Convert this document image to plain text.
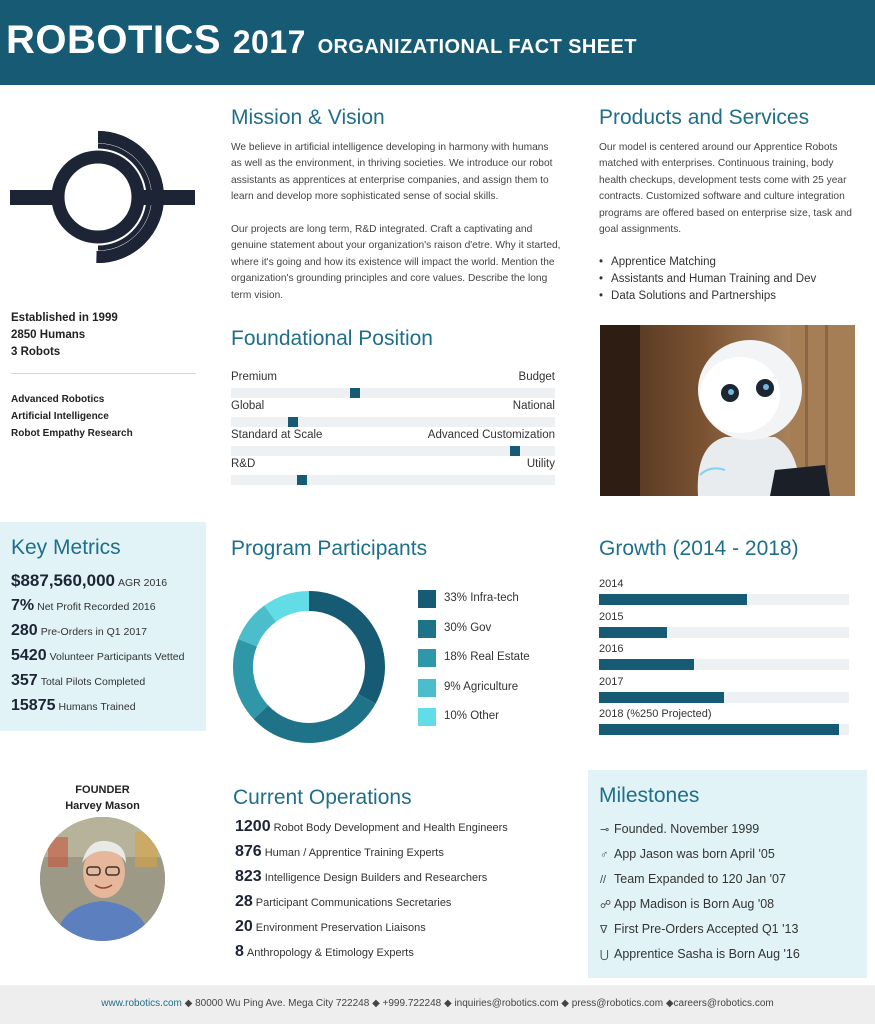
ROBOTICS 2017 ORGANIZATIONAL FACT SHEET
Established in 1999
2850 Humans
3 Robots
Advanced Robotics
Artificial Intelligence
Robot Empathy Research
Mission & Vision
We believe in artificial intelligence developing in harmony with humans as well as the environment, in thriving societies. We introduce our robot assistants as apprentices at enterprise companies, and assign them to learn and develop more sophisticated sense of social skills.
Our projects are long term, R&D integrated. Craft a captivating and genuine statement about your organization's raison d'etre. Why it started, where it's going and how its existence will impact the world. Mention the organization's grounding principles and core values. Describe the long term vision.
Products and Services
Our model is centered around our Apprentice Robots matched with enterprises. Continuous training, body health checkups, development tests come with 25 year contracts. Customized software and culture integration programs are offered based on enterprise size, task and goal assignments.
• Apprentice Matching
• Assistants and Human Training and Dev
• Data Solutions and Partnerships
Foundational Position
Premium	Budget
Global	National
Standard at Scale	Advanced Customization
R&D	Utility
Key Metrics
$887,560,000 AGR 2016
7% Net Profit Recorded 2016
280 Pre-Orders in Q1 2017
5420 Volunteer Participants Vetted
357 Total Pilots Completed
15875 Humans Trained
Program Participants
33% Infra-tech
30% Gov
18% Real Estate
9% Agriculture
10% Other
Growth (2014 - 2018)
2014
2015
2016
2017
2018 (%250 Projected)
FOUNDER
Harvey Mason	Current Operations
1200 Robot Body Development and Health Engineers
876 Human / Apprentice Training Experts
823 Intelligence Design Builders and Researchers
28 Participant Communications Secretaries
20 Environment Preservation Liaisons
8 Anthropology & Etimology Experts
Milestones
⊸ Founded. November 1999
♂ App Jason was born April '05
// Team Expanded to 120 Jan '07
☍ App Madison is Born Aug '08
∇ First Pre-Orders Accepted Q1 '13
⋃ Apprentice Sasha is Born Aug '16
www.robotics.com ◆ 80000 Wu Ping Ave. Mega City 722248 ◆ +999.722248 ◆ inquiries@robotics.com ◆ press@robotics.com ◆careers@robotics.com
